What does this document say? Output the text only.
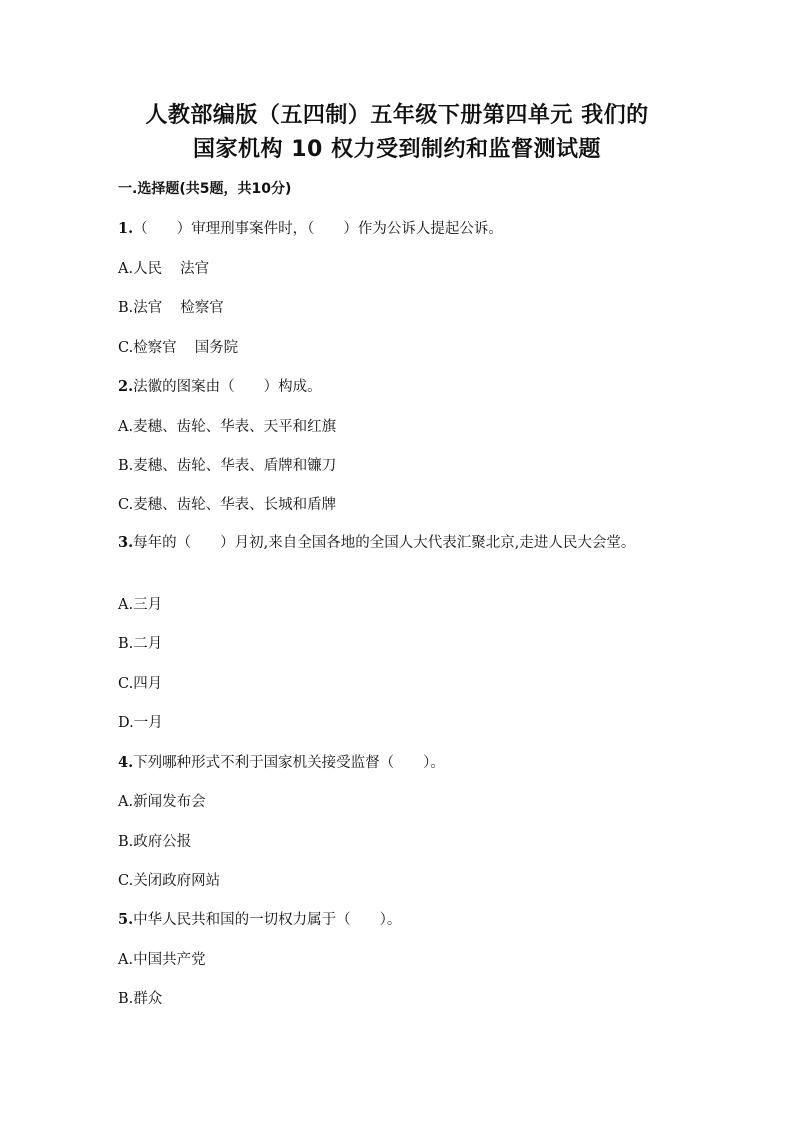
人教部编版（五四制）五年级下册第四单元 我们的
国家机构 10 权力受到制约和监督测试题
一.选择题(共5题，共10分)
1.（　　）审理刑事案件时，（　　）作为公诉人提起公诉。
A.人民 法官
B.法官 检察官
C.检察官 国务院
2.法徽的图案由（　　）构成。
A.麦穗、齿轮、华表、天平和红旗
B.麦穗、齿轮、华表、盾牌和镰刀
C.麦穗、齿轮、华表、长城和盾牌
3.每年的（　　）月初,来自全国各地的全国人大代表汇聚北京,走进人民大会堂。
A.三月
B.二月
C.四月
D.一月
4.下列哪种形式不利于国家机关接受监督（　　）。
A.新闻发布会
B.政府公报
C.关闭政府网站
5.中华人民共和国的一切权力属于（　　）。
A.中国共产党
B.群众
